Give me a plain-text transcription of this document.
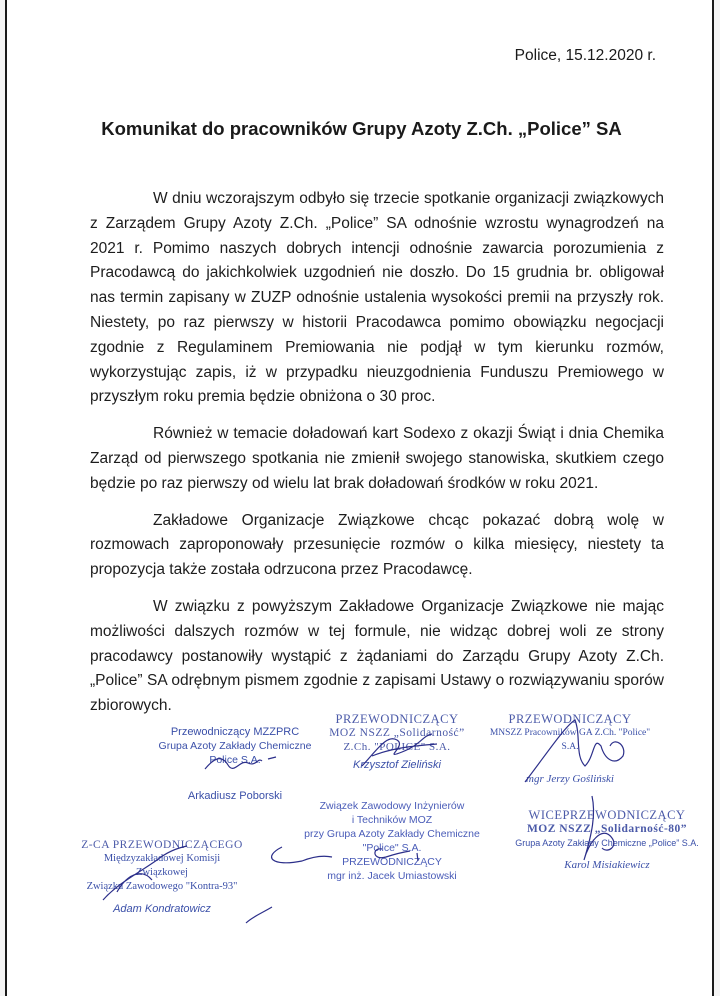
Police, 15.12.2020 r.
Komunikat do pracowników Grupy Azoty Z.Ch. „Police” SA

W dniu wczorajszym odbyło się trzecie spotkanie organizacji związkowych z Zarządem Grupy Azoty Z.Ch. „Police” SA odnośnie wzrostu wynagrodzeń na 2021 r. Pomimo naszych dobrych intencji odnośnie zawarcia porozumienia z Pracodawcą do jakichkolwiek uzgodnień nie doszło. Do 15 grudnia br. obligował nas termin zapisany w ZUZP odnośnie ustalenia wysokości premii na przyszły rok. Niestety, po raz pierwszy w historii Pracodawca pomimo obowiązku negocjacji zgodnie z Regulaminem Premiowania nie podjął w tym kierunku rozmów, wykorzystując zapis, iż w przypadku nieuzgodnienia Funduszu Premiowego w przyszłym roku premia będzie obniżona o 30 proc.

Również w temacie doładowań kart Sodexo z okazji Świąt i dnia Chemika Zarząd od pierwszego spotkania nie zmienił swojego stanowiska, skutkiem czego będzie po raz pierwszy od wielu lat brak doładowań środków w roku 2021.

Zakładowe Organizacje Związkowe chcąc pokazać dobrą wolę w rozmowach zaproponowały przesunięcie rozmów o kilka miesięcy, niestety ta propozycja także została odrzucona przez Pracodawcę.

W związku z powyższym Zakładowe Organizacje Związkowe nie mając możliwości dalszych rozmów w tej formule, nie widząc dobrej woli ze strony pracodawcy postanowiły wystąpić z żądaniami do Zarządu Grupy Azoty Z.Ch. „Police” SA odrębnym pismem zgodnie z zapisami Ustawy o rozwiązywaniu sporów zbiorowych.

Przewodniczący MZZPRC
Grupa Azoty Zakłady Chemiczne Police S.A.
Arkadiusz Poborski
PRZEWODNICZĄCY
MOZ NSZZ „Solidarność”
Z.Ch. "POLICE" S.A.
Krzysztof Zieliński
PRZEWODNICZĄCY
MNSZZ Pracowników GA Z.Ch. "Police" S.A.
mgr Jerzy Gośliński
Z-CA PRZEWODNICZĄCEGO
Międzyzakładowej Komisji Związkowej
Związku Zawodowego "Kontra-93"
Adam Kondratowicz
Związek Zawodowy Inżynierów
i Techników MOZ
przy Grupa Azoty Zakłady Chemiczne
"Police" S.A.
PRZEWODNICZĄCY
mgr inż. Jacek Umiastowski
WICEPRZEWODNICZĄCY
MOZ NSZZ „Solidarność-80”
Grupa Azoty Zakłady Chemiczne „Police” S.A.
Karol Misiakiewicz
